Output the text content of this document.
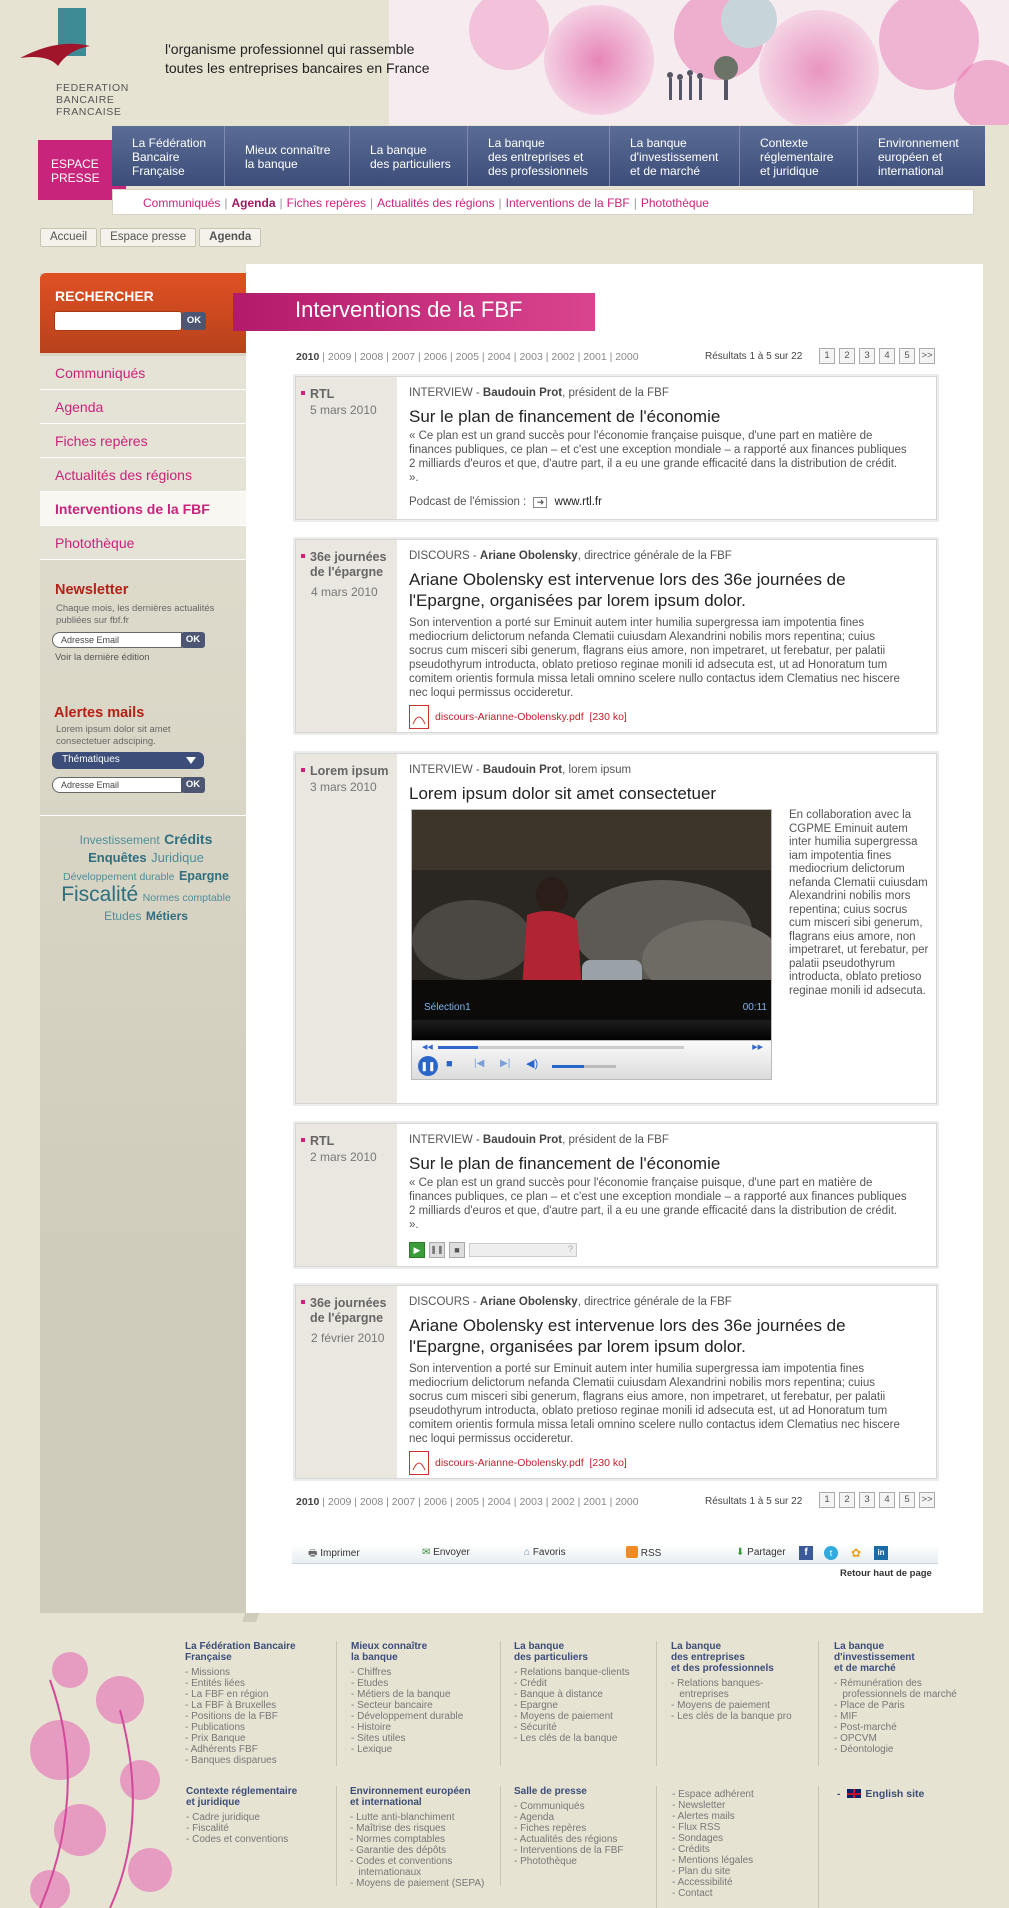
FEDERATION
BANCAIRE
FRANCAISE
l'organisme professionnel qui rassemble
toutes les entreprises bancaires en France
ESPACE
PRESSE
La Fédération
Bancaire
Française
Mieux connaître
la banque
La banque
des particuliers
La banque
des entreprises et
des professionnels
La banque
d'investissement
et de marché
Contexte
réglementaire
et juridique
Environnement
européen et
international
Communiqués | Agenda | Fiches repères | Actualités des régions | Interventions de la FBF | Photothèque
Accueil	Espace presse	Agenda
RECHERCHER
OK
Communiqués
Agenda
Fiches repères
Actualités des régions
Interventions de la FBF
Photothèque
Newsletter
Chaque mois, les dernières actualités publiées sur fbf.fr
Adresse Email	OK
Voir la dernière édition
Alertes mails
Lorem ipsum dolor sit amet consectetuer adsciping.
Thématiques
Adresse Email	OK
Investissement Crédits
Enquêtes Juridique
Développement durable Epargne
Fiscalité Normes comptable
Etudes Métiers
Interventions de la FBF
2010 | 2009 | 2008 | 2007 | 2006 | 2005 | 2004 | 2003 | 2002 | 2001 | 2000	Résultats 1 à 5 sur 22	1	2	3	4	5	>>
RTL
5 mars 2010
INTERVIEW - Baudouin Prot, président de la FBF
Sur le plan de financement de l'économie
« Ce plan est un grand succès pour l'économie française puisque, d'une part en matière de finances publiques, ce plan – et c'est une exception mondiale – a rapporté aux finances publiques 2 milliards d'euros et que, d'autre part, il a eu une grande efficacité dans la distribution de crédit. ».
Podcast de l'émission : ➜ www.rtl.fr
36e journées de l'épargne
4 mars 2010
DISCOURS - Ariane Obolensky, directrice générale de la FBF
Ariane Obolensky est intervenue lors des 36e journées de l'Epargne, organisées par lorem ipsum dolor.
Son intervention a porté sur Eminuit autem inter humilia supergressa iam impotentia fines mediocrium delictorum nefanda Clematii cuiusdam Alexandrini nobilis mors repentina; cuius socrus cum misceri sibi generum, flagrans eius amore, non impetraret, ut ferebatur, per palatii pseudothyrum introducta, oblato pretioso reginae monili id adsecuta est, ut ad Honoratum tum comitem orientis formula missa letali omnino scelere nullo contactus idem Clematius nec hiscere nec loqui permissus occideretur.
discours-Arianne-Obolensky.pdf [230 ko]
Lorem ipsum
3 mars 2010
INTERVIEW - Baudouin Prot, lorem ipsum
Lorem ipsum dolor sit amet consectetuer
Sélection1	00:11
◀◀	▶▶
❚❚ ■ |◀ ▶| ◀)
En collaboration avec la CGPME Eminuit autem inter humilia supergressa iam impotentia fines mediocrium delictorum nefanda Clematii cuiusdam Alexandrini nobilis mors repentina; cuius socrus cum misceri sibi generum, flagrans eius amore, non impetraret, ut ferebatur, per palatii pseudothyrum introducta, oblato pretioso reginae monili id adsecuta.
RTL
2 mars 2010
INTERVIEW - Baudouin Prot, président de la FBF
Sur le plan de financement de l'économie
« Ce plan est un grand succès pour l'économie française puisque, d'une part en matière de finances publiques, ce plan – et c'est une exception mondiale – a rapporté aux finances publiques 2 milliards d'euros et que, d'autre part, il a eu une grande efficacité dans la distribution de crédit. ».
▶	❚❚	■	?
36e journées de l'épargne
2 février 2010
DISCOURS - Ariane Obolensky, directrice générale de la FBF
Ariane Obolensky est intervenue lors des 36e journées de l'Epargne, organisées par lorem ipsum dolor.
Son intervention a porté sur Eminuit autem inter humilia supergressa iam impotentia fines mediocrium delictorum nefanda Clematii cuiusdam Alexandrini nobilis mors repentina; cuius socrus cum misceri sibi generum, flagrans eius amore, non impetraret, ut ferebatur, per palatii pseudothyrum introducta, oblato pretioso reginae monili id adsecuta est, ut ad Honoratum tum comitem orientis formula missa letali omnino scelere nullo contactus idem Clematius nec hiscere nec loqui permissus occideretur.
discours-Arianne-Obolensky.pdf [230 ko]
2010 | 2009 | 2008 | 2007 | 2006 | 2005 | 2004 | 2003 | 2002 | 2001 | 2000	Résultats 1 à 5 sur 22	1	2	3	4	5	>>
🖶 Imprimer	✉ Envoyer	⌂ Favoris	RSS	⬇ Partager	f	t	✿	in
Retour haut de page
La Fédération Bancaire
Française
- Missions
- Entités liées
- La FBF en région
- La FBF à Bruxelles
- Positions de la FBF
- Publications
- Prix Banque
- Adhérents FBF
- Banques disparues
Mieux connaître
la banque
- Chiffres
- Etudes
- Métiers de la banque
- Secteur bancaire
- Développement durable
- Histoire
- Sites utiles
- Lexique
La banque
des particuliers
- Relations banque-clients
- Crédit
- Banque à distance
- Epargne
- Moyens de paiement
- Sécurité
- Les clés de la banque
La banque
des entreprises
et des professionnels
- Relations banques-
entreprises
- Moyens de paiement
- Les clés de la banque pro
La banque
d'investissement
et de marché
- Rémunération des
professionnels de marché
- Place de Paris
- MIF
- Post-marché
- OPCVM
- Déontologie
Contexte réglementaire
et juridique
- Cadre juridique
- Fiscalité
- Codes et conventions
Environnement européen
et international
- Lutte anti-blanchiment
- Maîtrise des risques
- Normes comptables
- Garantie des dépôts
- Codes et conventions
internationaux
- Moyens de paiement (SEPA)
Salle de presse
- Communiqués
- Agenda
- Fiches repères
- Actualités des régions
- Interventions de la FBF
- Photothèque
- Espace adhérent
- Newsletter
- Alertes mails
- Flux RSS
- Sondages
- Crédits
- Mentions légales
- Plan du site
- Accessibilité
- Contact
- English site
